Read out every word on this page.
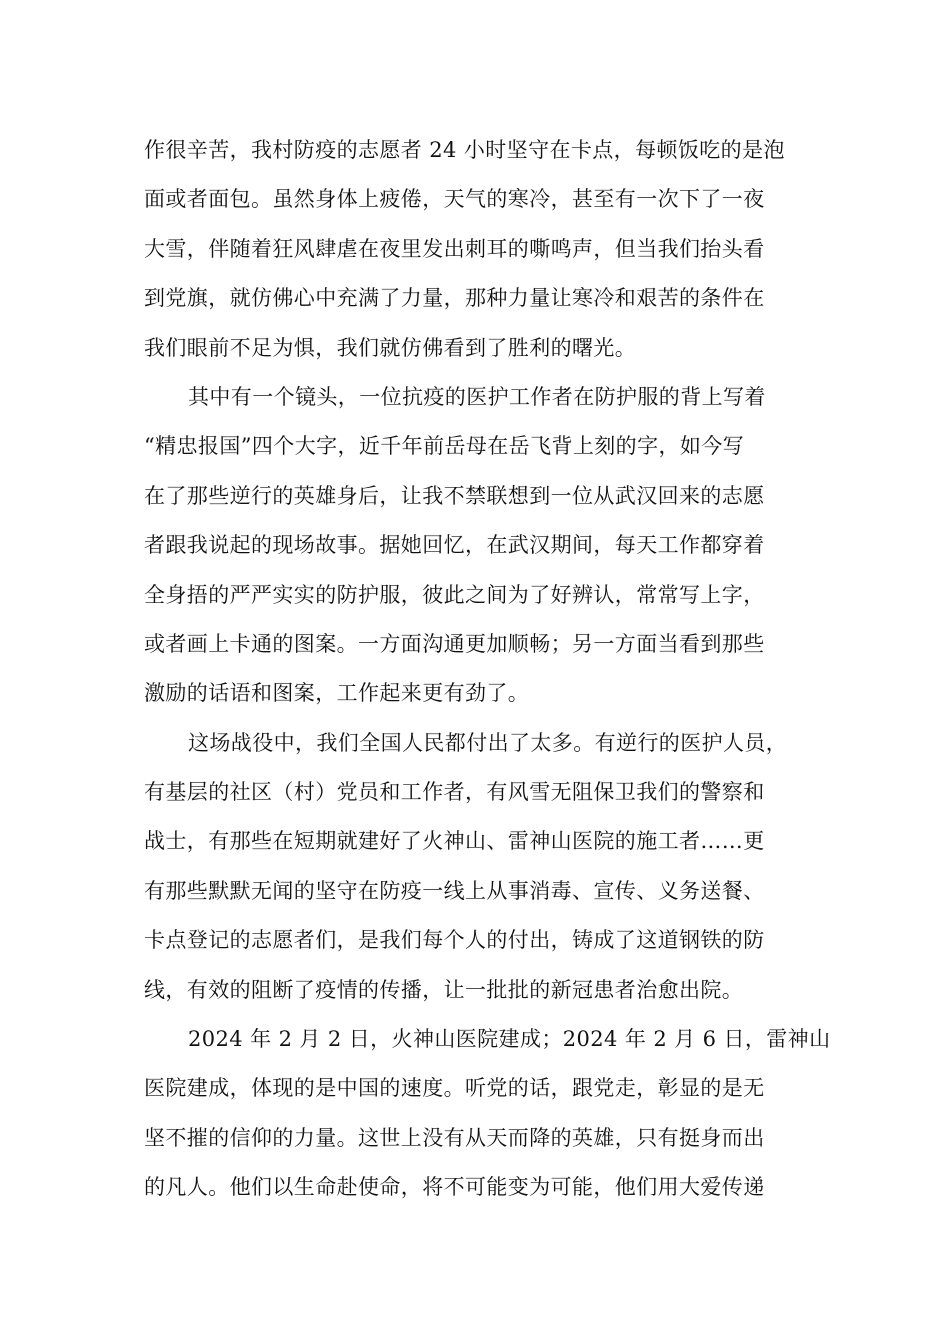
作很辛苦，我村防疫的志愿者 24 小时坚守在卡点，每顿饭吃的是泡
面或者面包。虽然身体上疲倦，天气的寒冷，甚至有一次下了一夜
大雪，伴随着狂风肆虐在夜里发出刺耳的嘶鸣声，但当我们抬头看
到党旗，就仿佛心中充满了力量，那种力量让寒冷和艰苦的条件在
我们眼前不足为惧，我们就仿佛看到了胜利的曙光。
其中有一个镜头，一位抗疫的医护工作者在防护服的背上写着
“精忠报国”四个大字，近千年前岳母在岳飞背上刻的字，如今写
在了那些逆行的英雄身后，让我不禁联想到一位从武汉回来的志愿
者跟我说起的现场故事。据她回忆，在武汉期间，每天工作都穿着
全身捂的严严实实的防护服，彼此之间为了好辨认，常常写上字，
或者画上卡通的图案。一方面沟通更加顺畅；另一方面当看到那些
激励的话语和图案，工作起来更有劲了。
这场战役中，我们全国人民都付出了太多。有逆行的医护人员，
有基层的社区（村）党员和工作者，有风雪无阻保卫我们的警察和
战士，有那些在短期就建好了火神山、雷神山医院的施工者……更
有那些默默无闻的坚守在防疫一线上从事消毒、宣传、义务送餐、
卡点登记的志愿者们，是我们每个人的付出，铸成了这道钢铁的防
线，有效的阻断了疫情的传播，让一批批的新冠患者治愈出院。
2024 年 2 月 2 日，火神山医院建成；2024 年 2 月 6 日，雷神山
医院建成，体现的是中国的速度。听党的话，跟党走，彰显的是无
坚不摧的信仰的力量。这世上没有从天而降的英雄，只有挺身而出
的凡人。他们以生命赴使命，将不可能变为可能，他们用大爱传递
